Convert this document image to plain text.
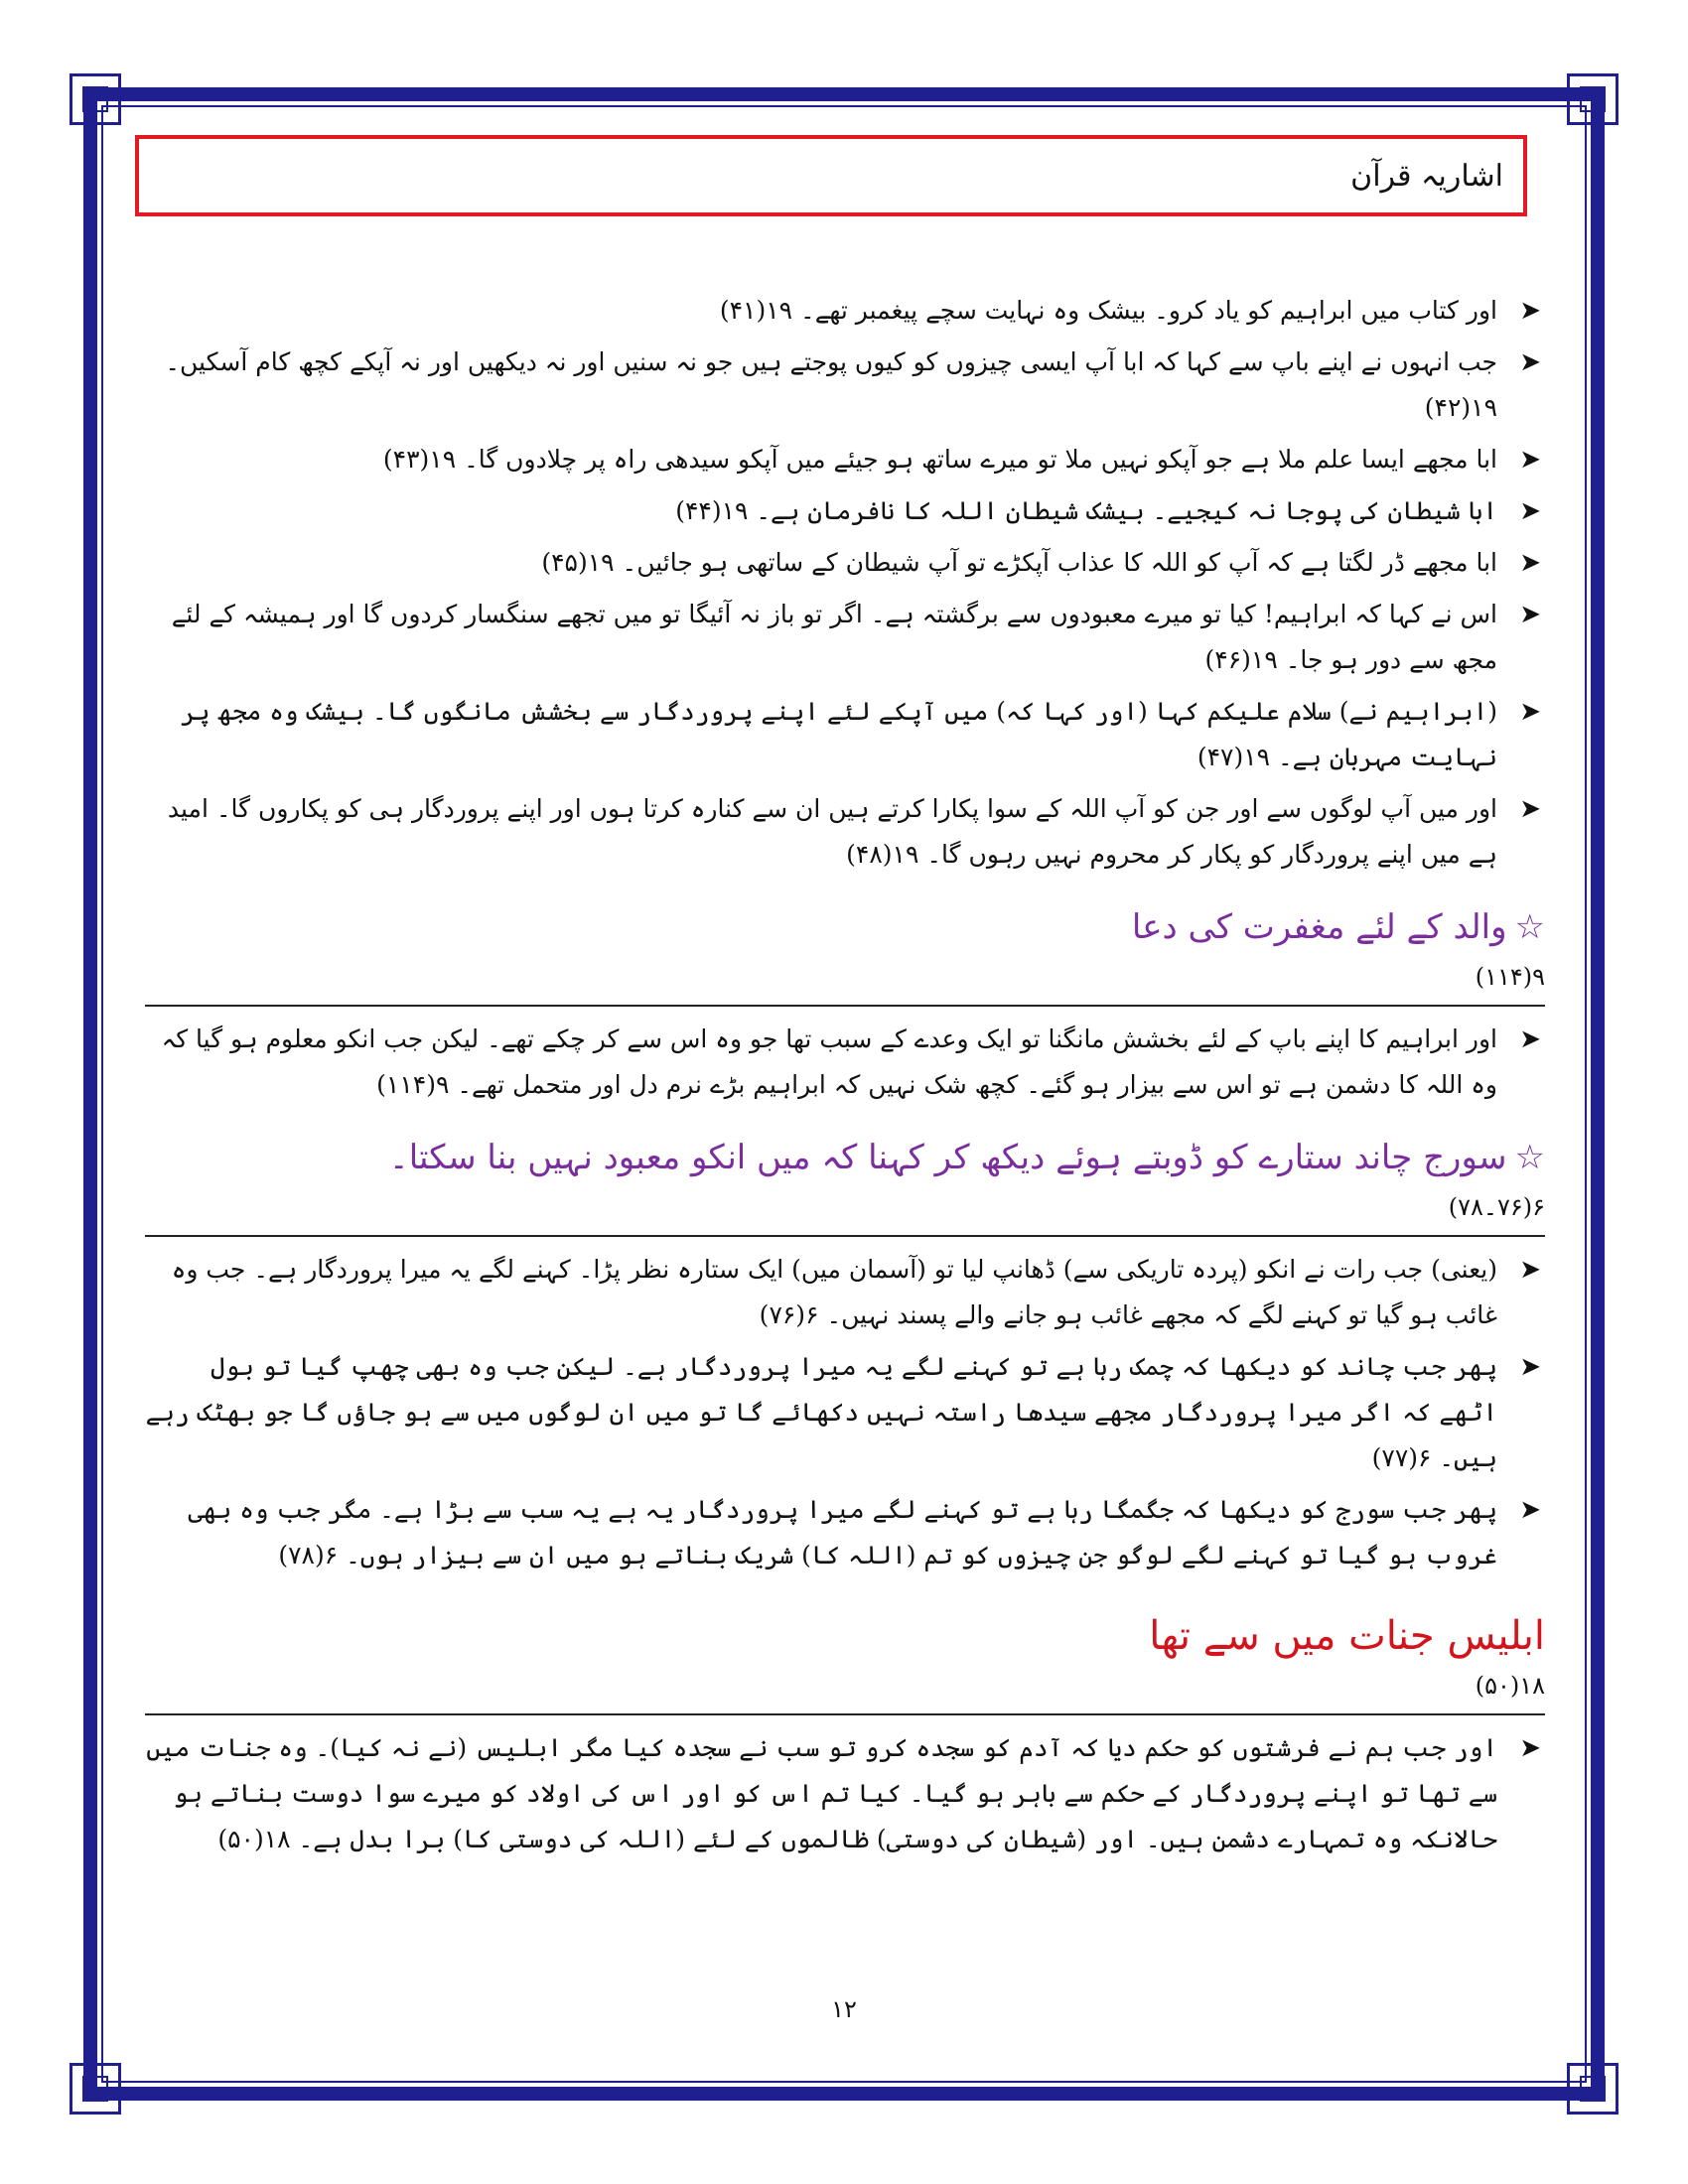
اشاریہ قرآن
➤
اور کتاب میں ابراہیم کو یاد کرو۔ بیشک وہ نہایت سچے پیغمبر تھے۔ ۱۹(۴۱)
➤
جب انہوں نے اپنے باپ سے کہا کہ ابا آپ ایسی چیزوں کو کیوں پوجتے ہیں جو نہ سنیں اور نہ دیکھیں اور نہ آپکے کچھ کام آسکیں۔ ۱۹(۴۲)
➤
ابا مجھے ایسا علم ملا ہے جو آپکو نہیں ملا تو میرے ساتھ ہو جیئے میں آپکو سیدھی راہ پر چلادوں گا۔ ۱۹(۴۳)
➤
ابا شیطان کی پوجا نہ کیجیے۔ بیشک شیطان اللہ کا نافرمان ہے۔ ۱۹(۴۴)
➤
ابا مجھے ڈر لگتا ہے کہ آپ کو اللہ کا عذاب آپکڑے تو آپ شیطان کے ساتھی ہو جائیں۔ ۱۹(۴۵)
➤
اس نے کہا کہ ابراہیم! کیا تو میرے معبودوں سے برگشتہ ہے۔ اگر تو باز نہ آئیگا تو میں تجھے سنگسار کردوں گا اور ہمیشہ کے لئے مجھ سے دور ہو جا۔ ۱۹(۴۶)
➤
(ابراہیم نے) سلام علیکم کہا (اور کہا کہ) میں آپکے لئے اپنے پروردگار سے بخشش مانگوں گا۔ بیشک وہ مجھ پر نہایت مہربان ہے۔ ۱۹(۴۷)
➤
اور میں آپ لوگوں سے اور جن کو آپ اللہ کے سوا پکارا کرتے ہیں ان سے کنارہ کرتا ہوں اور اپنے پروردگار ہی کو پکاروں گا۔ امید ہے میں اپنے پروردگار کو پکار کر محروم نہیں رہوں گا۔ ۱۹(۴۸)
☆والد کے لئے مغفرت کی دعا
۹(۱۱۴)
➤
اور ابراہیم کا اپنے باپ کے لئے بخشش مانگنا تو ایک وعدے کے سبب تھا جو وہ اس سے کر چکے تھے۔ لیکن جب انکو معلوم ہو گیا کہ وہ اللہ کا دشمن ہے تو اس سے بیزار ہو گئے۔ کچھ شک نہیں کہ ابراہیم بڑے نرم دل اور متحمل تھے۔ ۹(۱۱۴)
☆سورج چاند ستارے کو ڈوبتے ہوئے دیکھ کر کہنا کہ میں انکو معبود نہیں بنا سکتا۔
۶(۷۶۔۷۸)
➤
(یعنی) جب رات نے انکو (پردہ تاریکی سے) ڈھانپ لیا تو (آسمان میں) ایک ستارہ نظر پڑا۔ کہنے لگے یہ میرا پروردگار ہے۔ جب وہ غائب ہو گیا تو کہنے لگے کہ مجھے غائب ہو جانے والے پسند نہیں۔ ۶(۷۶)
➤
پھر جب چاند کو دیکھا کہ چمک رہا ہے تو کہنے لگے یہ میرا پروردگار ہے۔ لیکن جب وہ بھی چھپ گیا تو بول اٹھے کہ اگر میرا پروردگار مجھے سیدھا راستہ نہیں دکھائے گا تو میں ان لوگوں میں سے ہو جاؤں گا جو بھٹک رہے ہیں۔ ۶(۷۷)
➤
پھر جب سورج کو دیکھا کہ جگمگا رہا ہے تو کہنے لگے میرا پروردگار یہ ہے یہ سب سے بڑا ہے۔ مگر جب وہ بھی غروب ہو گیا تو کہنے لگے لوگو جن چیزوں کو تم (اللہ کا) شریک بناتے ہو میں ان سے بیزار ہوں۔ ۶(۷۸)
ابلیس جنات میں سے تھا
۱۸(۵۰)
➤
اور جب ہم نے فرشتوں کو حکم دیا کہ آدم کو سجدہ کرو تو سب نے سجدہ کیا مگر ابلیس (نے نہ کیا)۔ وہ جنات میں سے تھا تو اپنے پروردگار کے حکم سے باہر ہو گیا۔ کیا تم اس کو اور اس کی اولاد کو میرے سوا دوست بناتے ہو حالانکہ وہ تمہارے دشمن ہیں۔ اور (شیطان کی دوستی) ظالموں کے لئے (اللہ کی دوستی کا) برا بدل ہے۔ ۱۸(۵۰)
۱۲
